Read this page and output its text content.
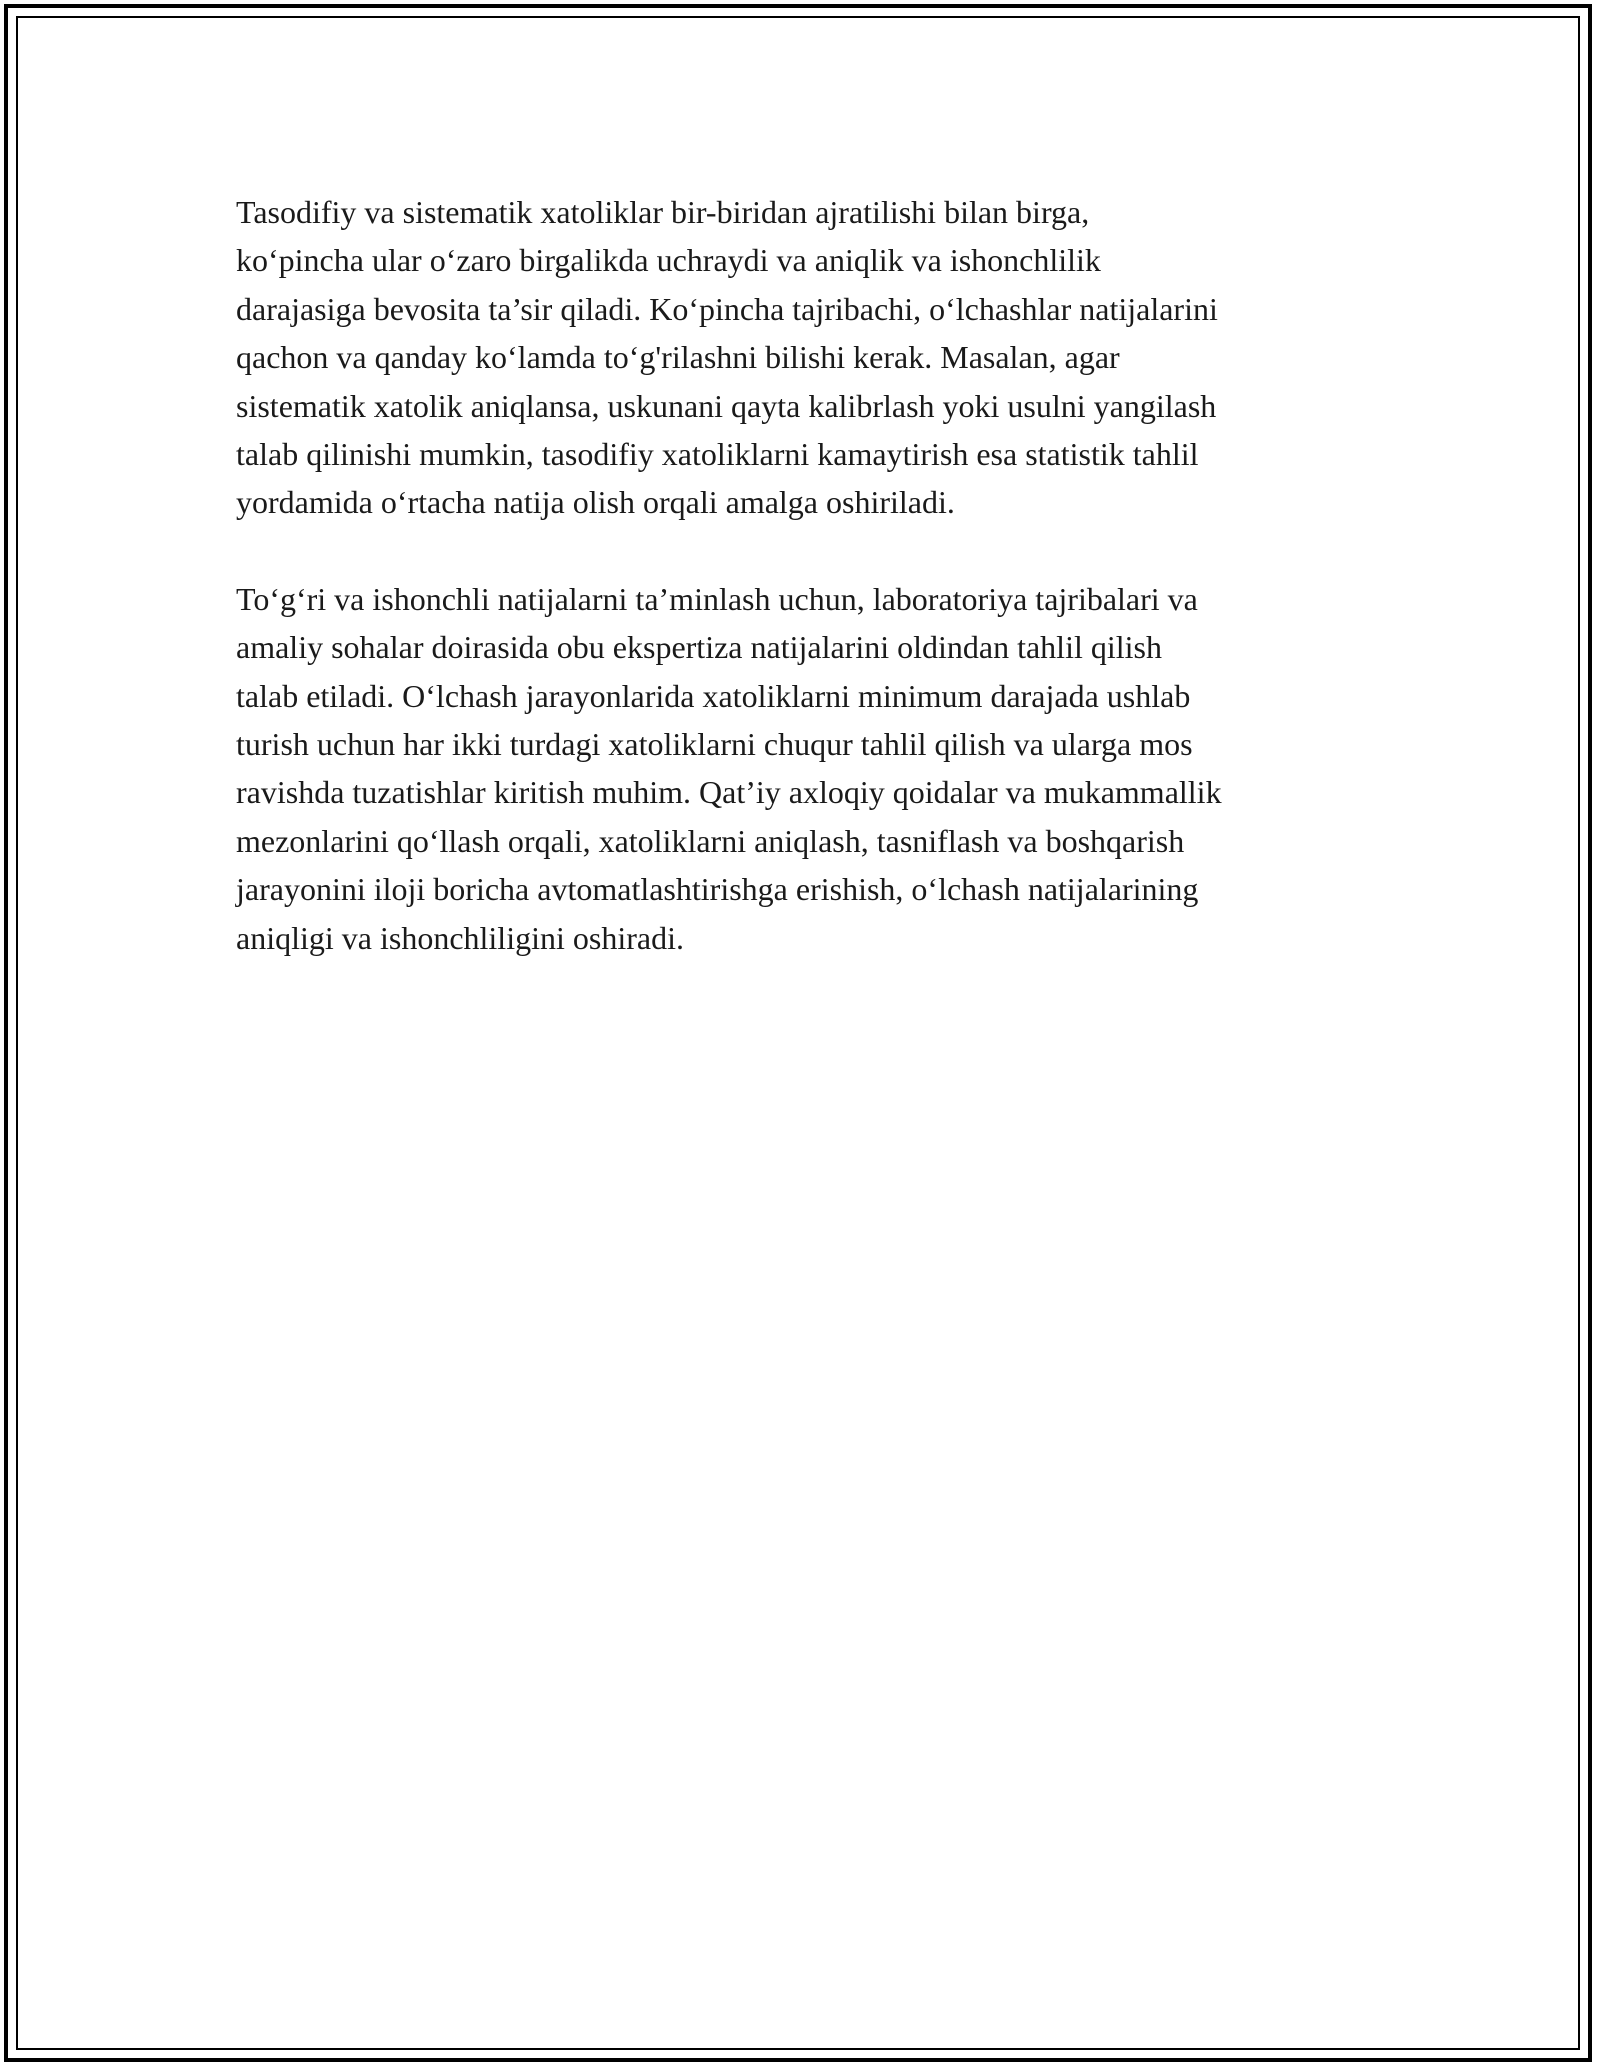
Tasodifiy va sistematik xatoliklar bir-biridan ajratilishi bilan birga,
ko‘pincha ular o‘zaro birgalikda uchraydi va aniqlik va ishonchlilik
darajasiga bevosita ta’sir qiladi. Ko‘pincha tajribachi, o‘lchashlar natijalarini
qachon va qanday ko‘lamda to‘g'rilashni bilishi kerak. Masalan, agar
sistematik xatolik aniqlansa, uskunani qayta kalibrlash yoki usulni yangilash
talab qilinishi mumkin, tasodifiy xatoliklarni kamaytirish esa statistik tahlil
yordamida o‘rtacha natija olish orqali amalga oshiriladi.

To‘g‘ri va ishonchli natijalarni ta’minlash uchun, laboratoriya tajribalari va
amaliy sohalar doirasida obu ekspertiza natijalarini oldindan tahlil qilish
talab etiladi. O‘lchash jarayonlarida xatoliklarni minimum darajada ushlab
turish uchun har ikki turdagi xatoliklarni chuqur tahlil qilish va ularga mos
ravishda tuzatishlar kiritish muhim. Qat’iy axloqiy qoidalar va mukammallik
mezonlarini qo‘llash orqali, xatoliklarni aniqlash, tasniflash va boshqarish
jarayonini iloji boricha avtomatlashtirishga erishish, o‘lchash natijalarining
aniqligi va ishonchliligini oshiradi.
